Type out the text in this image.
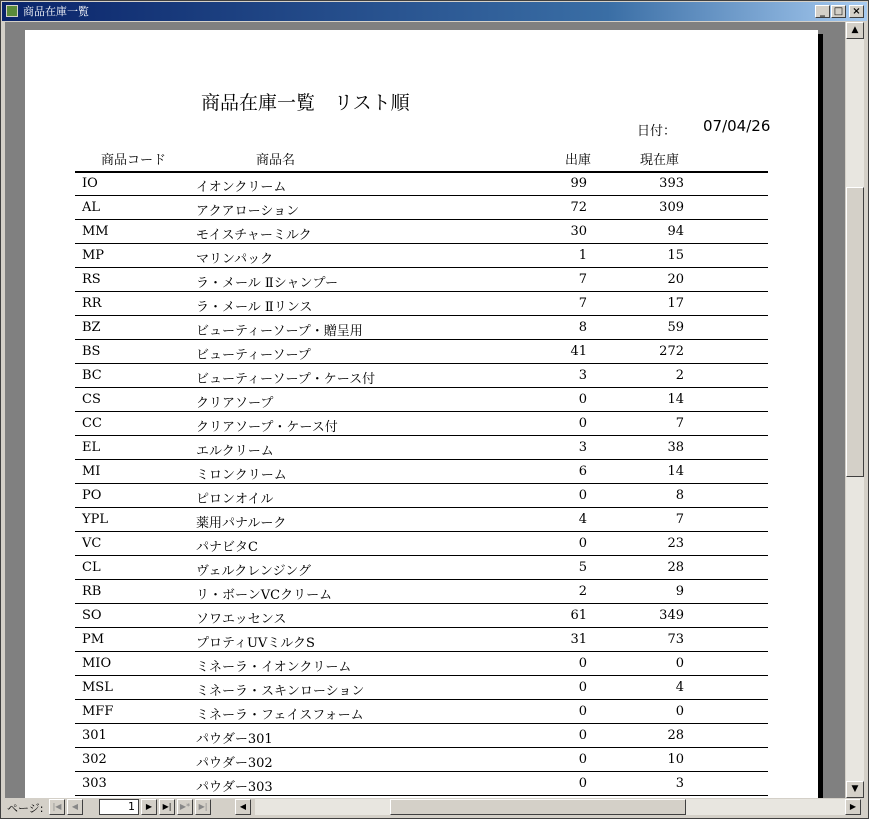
商品在庫一覧	_ □ ×
商品在庫一覧　リスト順
日付： 07/04/26
商品コード	商品名	出庫	現在庫
IO	イオンクリーム	99	393
AL	アクアローション	72	309
MM	モイスチャーミルク	30	94
MP	マリンパック	1	15
RS	ラ・メール Ⅱシャンプー	7	20
RR	ラ・メール Ⅱリンス	7	17
BZ	ビューティーソープ・贈呈用	8	59
BS	ビューティーソープ	41	272
BC	ビューティーソープ・ケース付	3	2
CS	クリアソープ	0	14
CC	クリアソープ・ケース付	0	7
EL	エルクリーム	3	38
MI	ミロンクリーム	6	14
PO	ピロンオイル	0	8
YPL	薬用パナルーク	4	7
VC	パナビタC	0	23
CL	ヴェルクレンジング	5	28
RB	リ・ボーンVCクリーム	2	9
SO	ソワエッセンス	61	349
PM	プロティUVミルクS	31	73
MIO	ミネーラ・イオンクリーム	0	0
MSL	ミネーラ・スキンローション	0	4
MFF	ミネーラ・フェイスフォーム	0	0
301	パウダー301	0	28
302	パウダー302	0	10
303	パウダー303	0	3
▲
▼
ページ:	|◀	◀	1	▶	▶|	▶*	▶|	◀	▶
